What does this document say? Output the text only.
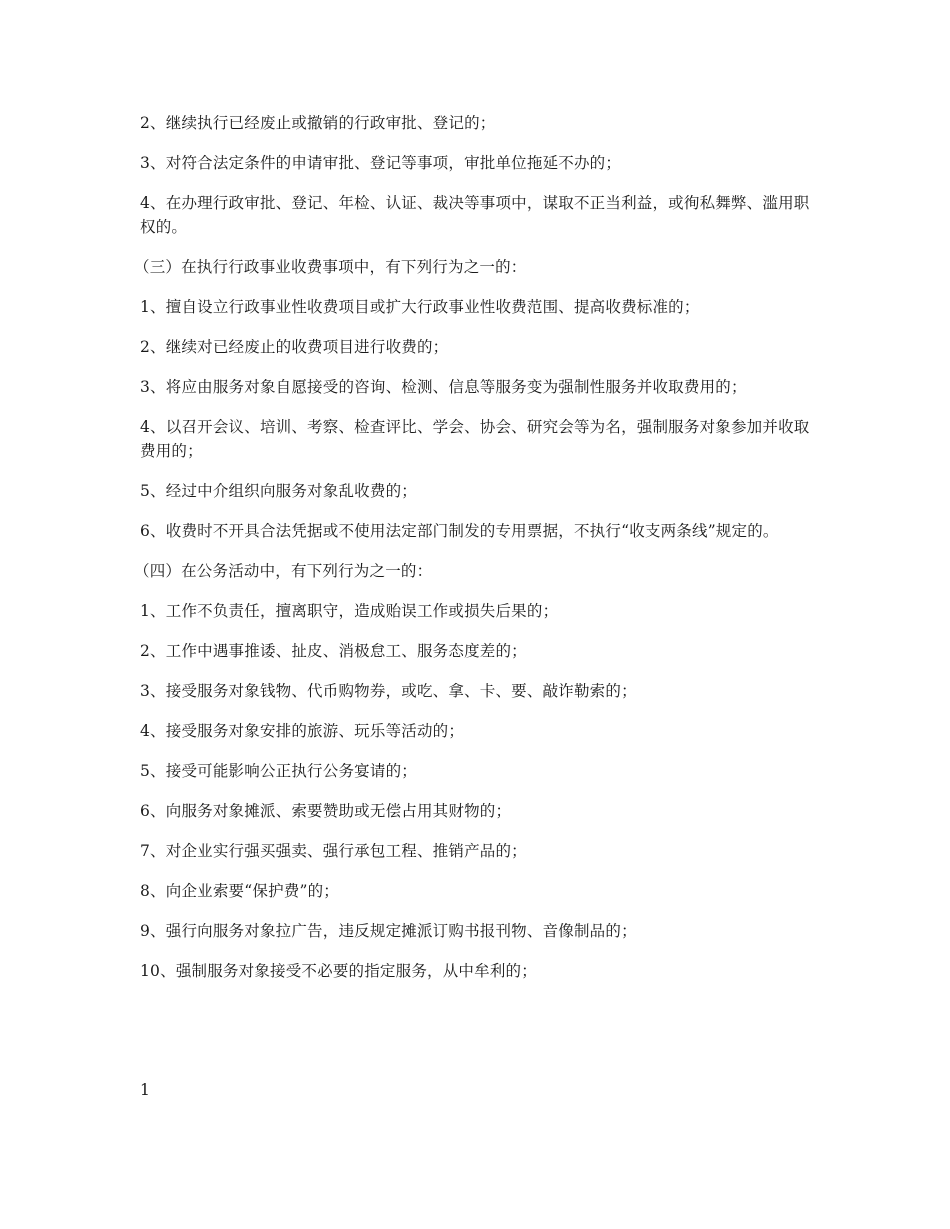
2、继续执行已经废止或撤销的行政审批、登记的；

3、对符合法定条件的申请审批、登记等事项，审批单位拖延不办的；

4、在办理行政审批、登记、年检、认证、裁决等事项中，谋取不正当利益，或徇私舞弊、滥用职权的。

（三）在执行行政事业收费事项中，有下列行为之一的：

1、擅自设立行政事业性收费项目或扩大行政事业性收费范围、提高收费标准的；

2、继续对已经废止的收费项目进行收费的；

3、将应由服务对象自愿接受的咨询、检测、信息等服务变为强制性服务并收取费用的；

4、以召开会议、培训、考察、检查评比、学会、协会、研究会等为名，强制服务对象参加并收取费用的；

5、经过中介组织向服务对象乱收费的；

6、收费时不开具合法凭据或不使用法定部门制发的专用票据，不执行“收支两条线”规定的。

（四）在公务活动中，有下列行为之一的：

1、工作不负责任，擅离职守，造成贻误工作或损失后果的；

2、工作中遇事推诿、扯皮、消极怠工、服务态度差的；

3、接受服务对象钱物、代币购物券，或吃、拿、卡、要、敲诈勒索的；

4、接受服务对象安排的旅游、玩乐等活动的；

5、接受可能影响公正执行公务宴请的；

6、向服务对象摊派、索要赞助或无偿占用其财物的；

7、对企业实行强买强卖、强行承包工程、推销产品的；

8、向企业索要“保护费”的；

9、强行向服务对象拉广告，违反规定摊派订购书报刊物、音像制品的；

10、强制服务对象接受不必要的指定服务，从中牟利的；

1
